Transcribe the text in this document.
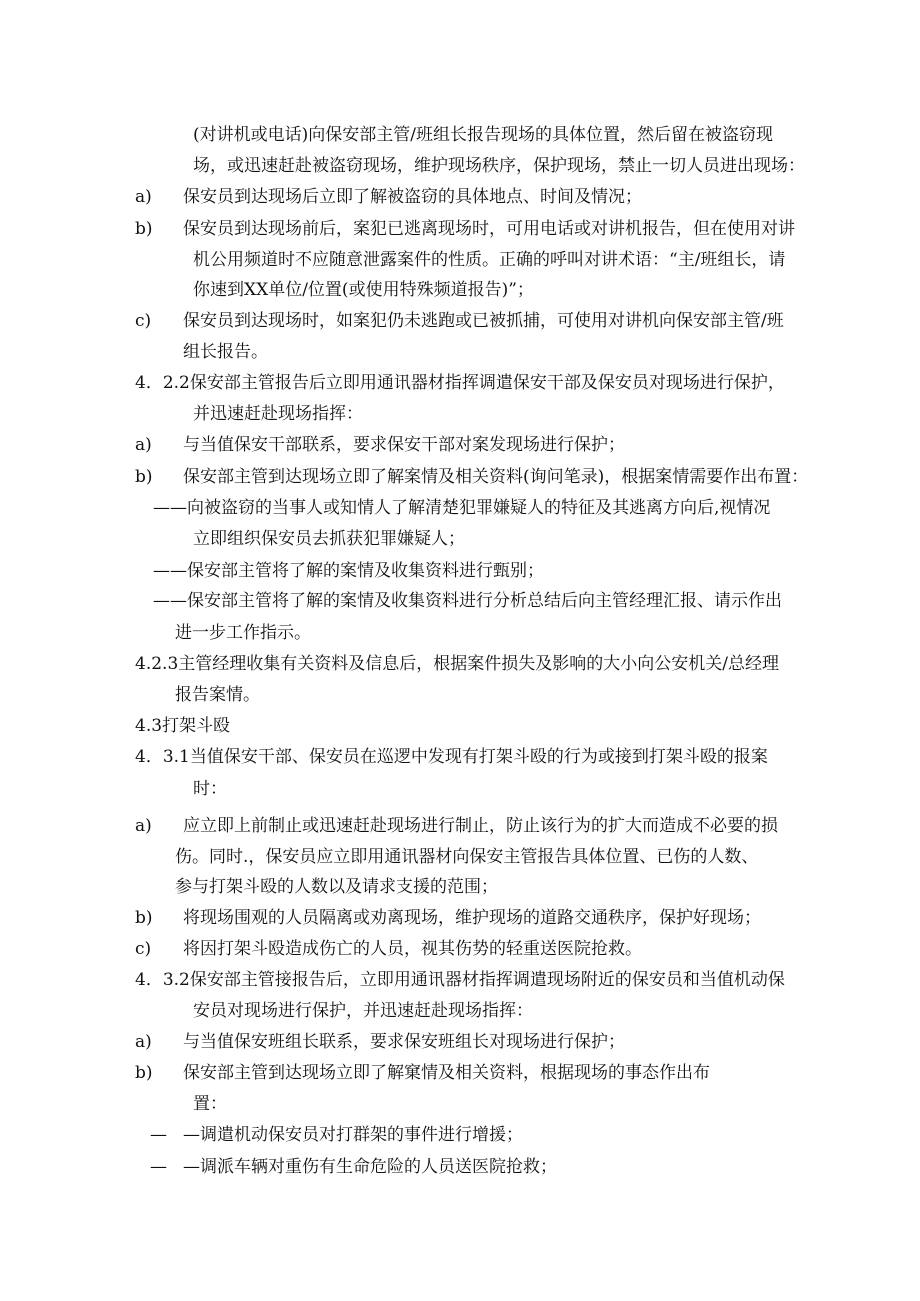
a)
b)
c)
a)
b)
a)
b)
c)
a)
b)
—
—
(对讲机或电话)向保安部主管/班组长报告现场的具体位置，然后留在被盗窃现
场，或迅速赶赴被盗窃现场，维护现场秩序，保护现场，禁止一切人员进出现场：
保安员到达现场后立即了解被盗窃的具体地点、时间及情况；
保安员到达现场前后，案犯已逃离现场时，可用电话或对讲机报告，但在使用对讲
机公用频道时不应随意泄露案件的性质。正确的呼叫对讲术语：“主/班组长，请
你速到XX单位/位置(或使用特殊频道报告)”；
保安员到达现场时，如案犯仍未逃跑或已被抓捕，可使用对讲机向保安部主管/班
组长报告。
4．2.2保安部主管报告后立即用通讯器材指挥调遣保安干部及保安员对现场进行保护，
并迅速赶赴现场指挥：
与当值保安干部联系，要求保安干部对案发现场进行保护；
保安部主管到达现场立即了解案情及相关资料(询问笔录)，根据案情需要作出布置：
——向被盗窃的当事人或知情人了解清楚犯罪嫌疑人的特征及其逃离方向后,视情况
立即组织保安员去抓获犯罪嫌疑人；
——保安部主管将了解的案情及收集资料进行甄别；
——保安部主管将了解的案情及收集资料进行分析总结后向主管经理汇报、请示作出
进一步工作指示。
4.2.3主管经理收集有关资料及信息后，根据案件损失及影响的大小向公安机关/总经理
报告案情。
4.3打架斗殴
4．3.1当值保安干部、保安员在巡逻中发现有打架斗殴的行为或接到打架斗殴的报案
时：
应立即上前制止或迅速赶赴现场进行制止，防止该行为的扩大而造成不必要的损
伤。同时.，保安员应立即用通讯器材向保安主管报告具体位置、已伤的人数、
参与打架斗殴的人数以及请求支援的范围；
将现场围观的人员隔离或劝离现场，维护现场的道路交通秩序，保护好现场；
将因打架斗殴造成伤亡的人员，视其伤势的轻重送医院抢救。
4．3.2保安部主管接报告后，立即用通讯器材指挥调遣现场附近的保安员和当值机动保
安员对现场进行保护，并迅速赶赴现场指挥：
与当值保安班组长联系，要求保安班组长对现场进行保护；
保安部主管到达现场立即了解窠情及相关资料，根据现场的事态作出布
置：
—调遣机动保安员对打群架的事件进行增援；
—调派车辆对重伤有生命危险的人员送医院抢救；
